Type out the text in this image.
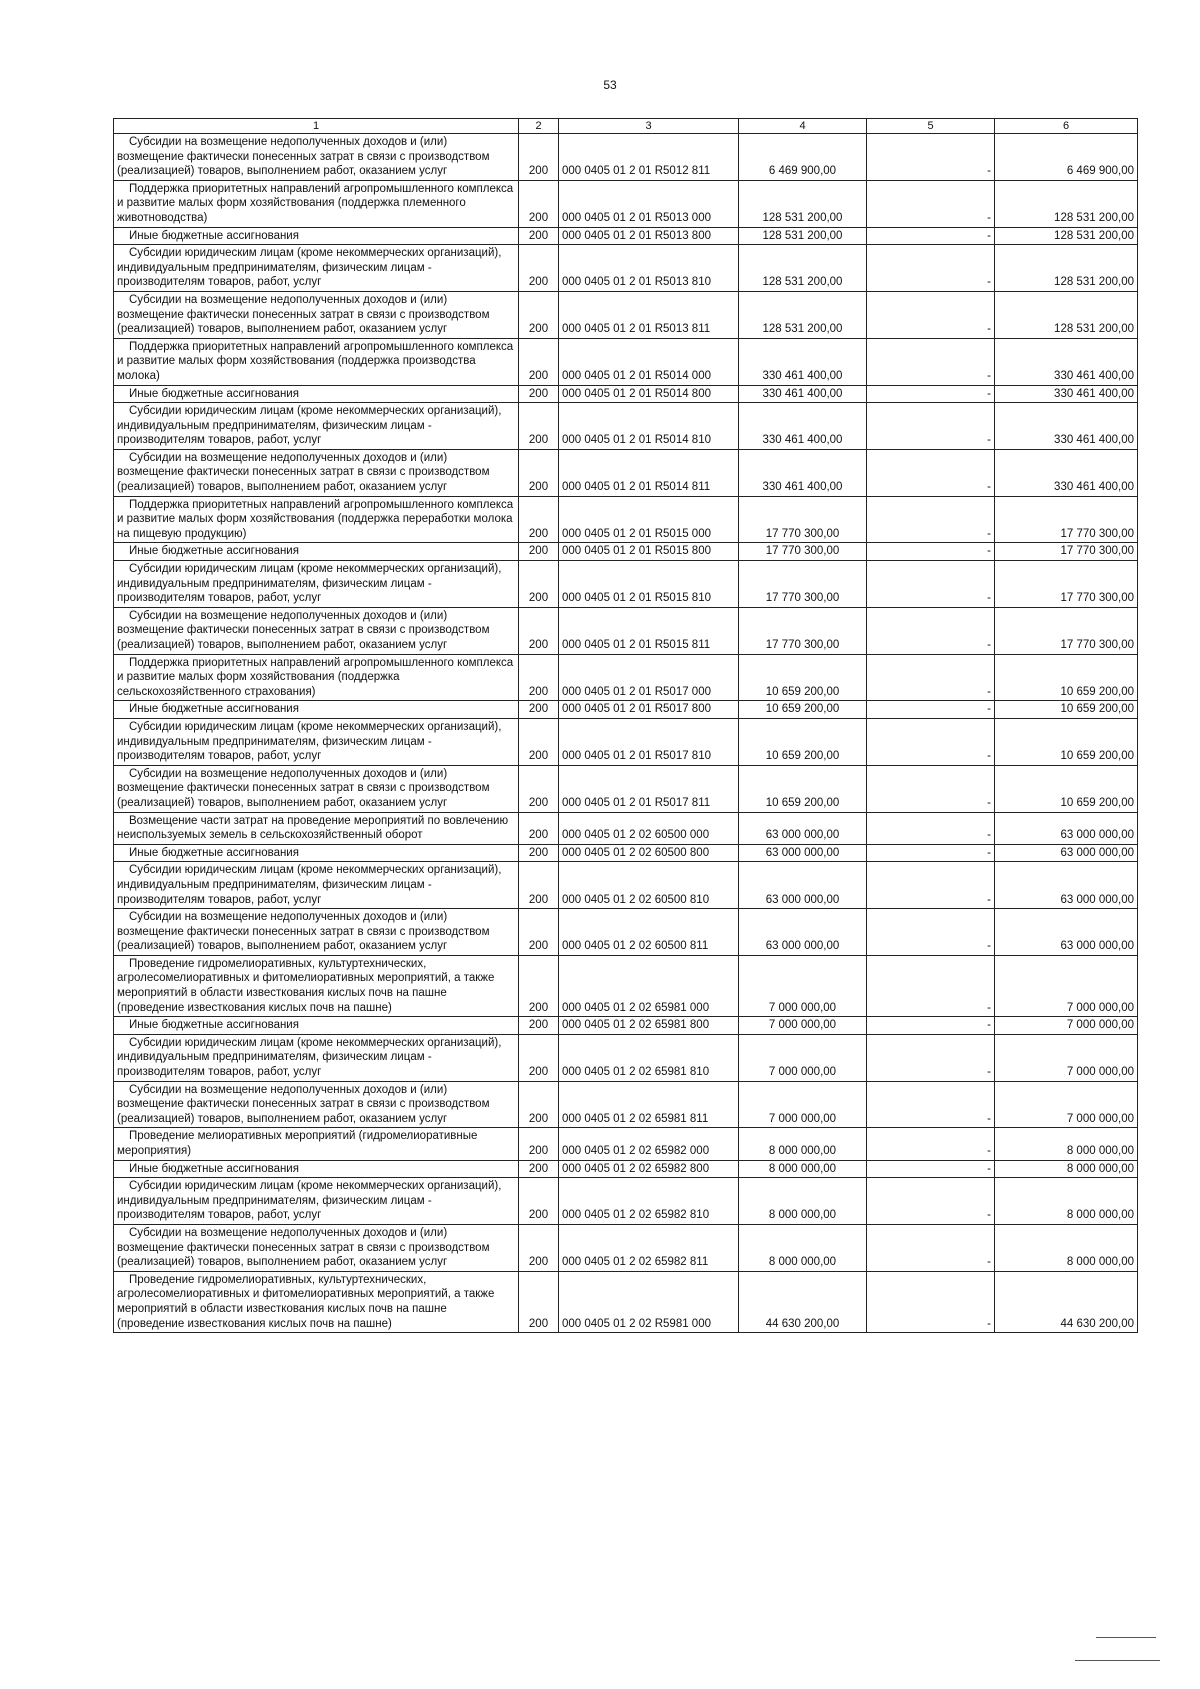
53
1	2	3	4	5	6
Субсидии на возмещение недополученных доходов и (или) возмещение фактически понесенных затрат в связи с производством (реализацией) товаров, выполнением работ, оказанием услуг	200	000 0405 01 2 01 R5012 811	6 469 900,00	-	6 469 900,00
Поддержка приоритетных направлений агропромышленного комплекса и развитие малых форм хозяйствования (поддержка племенного животноводства)	200	000 0405 01 2 01 R5013 000	128 531 200,00	-	128 531 200,00
Иные бюджетные ассигнования	200	000 0405 01 2 01 R5013 800	128 531 200,00	-	128 531 200,00
Субсидии юридическим лицам (кроме некоммерческих организаций), индивидуальным предпринимателям, физическим лицам - производителям товаров, работ, услуг	200	000 0405 01 2 01 R5013 810	128 531 200,00	-	128 531 200,00
Субсидии на возмещение недополученных доходов и (или) возмещение фактически понесенных затрат в связи с производством (реализацией) товаров, выполнением работ, оказанием услуг	200	000 0405 01 2 01 R5013 811	128 531 200,00	-	128 531 200,00
Поддержка приоритетных направлений агропромышленного комплекса и развитие малых форм хозяйствования (поддержка производства молока)	200	000 0405 01 2 01 R5014 000	330 461 400,00	-	330 461 400,00
Иные бюджетные ассигнования	200	000 0405 01 2 01 R5014 800	330 461 400,00	-	330 461 400,00
Субсидии юридическим лицам (кроме некоммерческих организаций), индивидуальным предпринимателям, физическим лицам - производителям товаров, работ, услуг	200	000 0405 01 2 01 R5014 810	330 461 400,00	-	330 461 400,00
Субсидии на возмещение недополученных доходов и (или) возмещение фактически понесенных затрат в связи с производством (реализацией) товаров, выполнением работ, оказанием услуг	200	000 0405 01 2 01 R5014 811	330 461 400,00	-	330 461 400,00
Поддержка приоритетных направлений агропромышленного комплекса и развитие малых форм хозяйствования (поддержка переработки молока на пищевую продукцию)	200	000 0405 01 2 01 R5015 000	17 770 300,00	-	17 770 300,00
Иные бюджетные ассигнования	200	000 0405 01 2 01 R5015 800	17 770 300,00	-	17 770 300,00
Субсидии юридическим лицам (кроме некоммерческих организаций), индивидуальным предпринимателям, физическим лицам - производителям товаров, работ, услуг	200	000 0405 01 2 01 R5015 810	17 770 300,00	-	17 770 300,00
Субсидии на возмещение недополученных доходов и (или) возмещение фактически понесенных затрат в связи с производством (реализацией) товаров, выполнением работ, оказанием услуг	200	000 0405 01 2 01 R5015 811	17 770 300,00	-	17 770 300,00
Поддержка приоритетных направлений агропромышленного комплекса и развитие малых форм хозяйствования (поддержка сельскохозяйственного страхования)	200	000 0405 01 2 01 R5017 000	10 659 200,00	-	10 659 200,00
Иные бюджетные ассигнования	200	000 0405 01 2 01 R5017 800	10 659 200,00	-	10 659 200,00
Субсидии юридическим лицам (кроме некоммерческих организаций), индивидуальным предпринимателям, физическим лицам - производителям товаров, работ, услуг	200	000 0405 01 2 01 R5017 810	10 659 200,00	-	10 659 200,00
Субсидии на возмещение недополученных доходов и (или) возмещение фактически понесенных затрат в связи с производством (реализацией) товаров, выполнением работ, оказанием услуг	200	000 0405 01 2 01 R5017 811	10 659 200,00	-	10 659 200,00
Возмещение части затрат на проведение мероприятий по вовлечению неиспользуемых земель в сельскохозяйственный оборот	200	000 0405 01 2 02 60500 000	63 000 000,00	-	63 000 000,00
Иные бюджетные ассигнования	200	000 0405 01 2 02 60500 800	63 000 000,00	-	63 000 000,00
Субсидии юридическим лицам (кроме некоммерческих организаций), индивидуальным предпринимателям, физическим лицам - производителям товаров, работ, услуг	200	000 0405 01 2 02 60500 810	63 000 000,00	-	63 000 000,00
Субсидии на возмещение недополученных доходов и (или) возмещение фактически понесенных затрат в связи с производством (реализацией) товаров, выполнением работ, оказанием услуг	200	000 0405 01 2 02 60500 811	63 000 000,00	-	63 000 000,00
Проведение гидромелиоративных, культуртехнических, агролесомелиоративных и фитомелиоративных мероприятий, а также мероприятий в области известкования кислых почв на пашне (проведение известкования кислых почв на пашне)	200	000 0405 01 2 02 65981 000	7 000 000,00	-	7 000 000,00
Иные бюджетные ассигнования	200	000 0405 01 2 02 65981 800	7 000 000,00	-	7 000 000,00
Субсидии юридическим лицам (кроме некоммерческих организаций), индивидуальным предпринимателям, физическим лицам - производителям товаров, работ, услуг	200	000 0405 01 2 02 65981 810	7 000 000,00	-	7 000 000,00
Субсидии на возмещение недополученных доходов и (или) возмещение фактически понесенных затрат в связи с производством (реализацией) товаров, выполнением работ, оказанием услуг	200	000 0405 01 2 02 65981 811	7 000 000,00	-	7 000 000,00
Проведение мелиоративных мероприятий (гидромелиоративные мероприятия)	200	000 0405 01 2 02 65982 000	8 000 000,00	-	8 000 000,00
Иные бюджетные ассигнования	200	000 0405 01 2 02 65982 800	8 000 000,00	-	8 000 000,00
Субсидии юридическим лицам (кроме некоммерческих организаций), индивидуальным предпринимателям, физическим лицам - производителям товаров, работ, услуг	200	000 0405 01 2 02 65982 810	8 000 000,00	-	8 000 000,00
Субсидии на возмещение недополученных доходов и (или) возмещение фактически понесенных затрат в связи с производством (реализацией) товаров, выполнением работ, оказанием услуг	200	000 0405 01 2 02 65982 811	8 000 000,00	-	8 000 000,00
Проведение гидромелиоративных, культуртехнических, агролесомелиоративных и фитомелиоративных мероприятий, а также мероприятий в области известкования кислых почв на пашне (проведение известкования кислых почв на пашне)	200	000 0405 01 2 02 R5981 000	44 630 200,00	-	44 630 200,00
